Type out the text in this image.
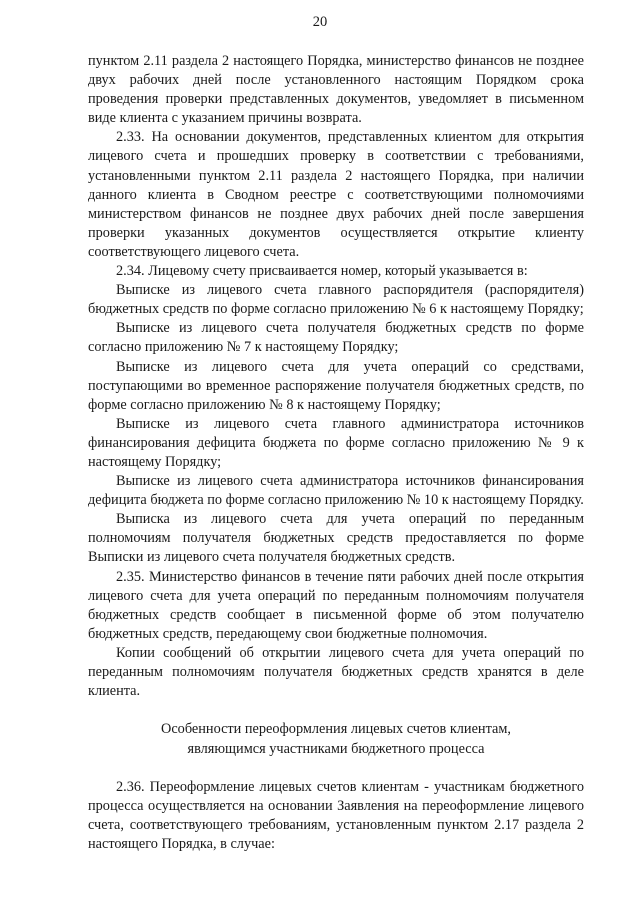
20

пунктом 2.11 раздела 2 настоящего Порядка, министерство финансов не позднее двух рабочих дней после установленного настоящим Порядком срока проведения проверки представленных документов, уведомляет в письменном виде клиента с указанием причины возврата.

2.33. На основании документов, представленных клиентом для открытия лицевого счета и прошедших проверку в соответствии с требованиями, установленными пунктом 2.11 раздела 2 настоящего Порядка, при наличии данного клиента в Сводном реестре с соответствующими полномочиями министерством финансов не позднее двух рабочих дней после завершения проверки указанных документов осуществляется открытие клиенту соответствующего лицевого счета.

2.34. Лицевому счету присваивается номер, который указывается в:

Выписке из лицевого счета главного распорядителя (распорядителя) бюджетных средств по форме согласно приложению № 6 к настоящему Порядку;

Выписке из лицевого счета получателя бюджетных средств по форме согласно приложению № 7 к настоящему Порядку;

Выписке из лицевого счета для учета операций со средствами, поступающими во временное распоряжение получателя бюджетных средств, по форме согласно приложению № 8 к настоящему Порядку;

Выписке из лицевого счета главного администратора источников финансирования дефицита бюджета по форме согласно приложению № 9 к настоящему Порядку;

Выписке из лицевого счета администратора источников финансирования дефицита бюджета по форме согласно приложению № 10 к настоящему Порядку.

Выписка из лицевого счета для учета операций по переданным полномочиям получателя бюджетных средств предоставляется по форме Выписки из лицевого счета получателя бюджетных средств.

2.35. Министерство финансов в течение пяти рабочих дней после открытия лицевого счета для учета операций по переданным полномочиям получателя бюджетных средств сообщает в письменной форме об этом получателю бюджетных средств, передающему свои бюджетные полномочия.

Копии сообщений об открытии лицевого счета для учета операций по переданным полномочиям получателя бюджетных средств хранятся в деле клиента.

Особенности переоформления лицевых счетов клиентам,

являющимся участниками бюджетного процесса

2.36. Переоформление лицевых счетов клиентам - участникам бюджетного процесса осуществляется на основании Заявления на переоформление лицевого счета, соответствующего требованиям, установленным пунктом 2.17 раздела 2 настоящего Порядка, в случае:
